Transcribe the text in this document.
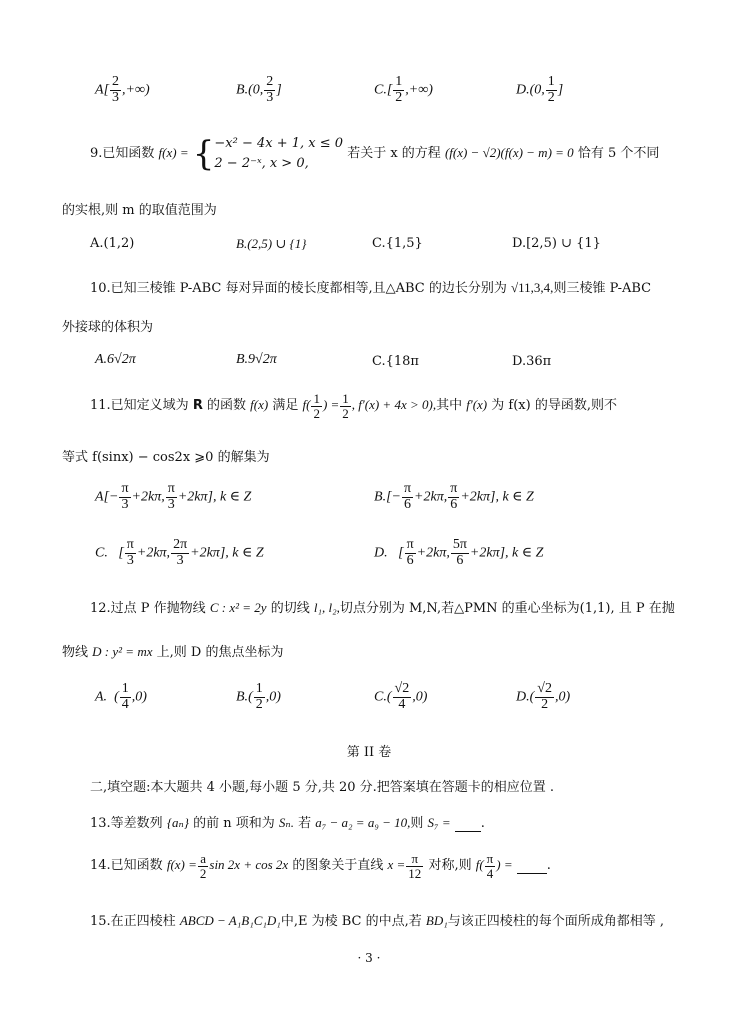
$A[ \frac{2}{3}$ ,+∞)	B.(0, $\frac{2}{3}$ ]	$C.[ \frac{1}{2}$ ,+∞)	D.(0, $\frac{1}{2}$ ]
9.已知函数 f(x) = { −x² − 4x + 1, x ≤ 0
2 − 2⁻ˣ, x > 0,
若关于 x 的方程 (f(x) − √2)(f(x) − m) = 0 恰有 5 个不同
的实根,则 m 的取值范围为
A.(1,2)	B.(2,5) ∪ {1}	C.{1,5}	D.[2,5) ∪ {1}
10.已知三棱锥 P-ABC 每对异面的棱长度都相等,且△ABC 的边长分别为 √11,3,4,则三棱锥 P-ABC
外接球的体积为
A.6√2π	B.9√2π	C.{18π	D.36π
11.已知定义域为 R 的函数 f(x) 满足 $f( \frac{1}{2}$ ) = $\frac{1}{2}$ , f′(x) + 4x > 0),其中 f′(x) 为 f(x) 的导函数,则不
等式 f(sinx) − cos2x ⩾0 的解集为
$A[- \frac{\pi}{3} +2k\pi$, $\frac{\pi}{3} +2k\pi$], k ∈ Z	$B.[- \frac{\pi}{6} +2k\pi$, $\frac{\pi}{6} +2k\pi$], k ∈ Z
C.   [ $\frac{\pi}{3} +2k\pi$, $\frac{2\pi}{3} +2k\pi$], k ∈ Z	D.   [ $\frac{\pi}{6} +2k\pi$, $\frac{5\pi}{6} +2k\pi$], k ∈ Z
12.过点 P 作抛物线 C : x² = 2y 的切线 l₁, l₂,切点分别为 M,N,若△PMN 的重心坐标为(1,1), 且 P 在抛
物线 D : y² = mx 上,则 D 的焦点坐标为
A.  ( $\frac{1}{4} ,0$)	$B.( \frac{1}{2} ,0)$	$C.( \frac{√2}{4} ,0)$	$D.( \frac{√2}{2} ,0)$
第 II 卷
二,填空题:本大题共 4 小题,每小题 5 分,共 20 分.把答案填在答题卡的相应位置 .
13.等差数列 {aₙ} 的前 n 项和为 Sₙ. 若 a₇ − a₂ = a₉ − 10,则 S₇ = .
14.已知函数 $f(x) = \frac{a}{2}$ sin 2x + cos 2x 的图象关于直线 $x = \frac{\pi}{12}$ 对称,则 $f( \frac{\pi}{4}$ ) =	.
15.在正四棱柱 ABCD − A₁B₁C₁D₁中,E 为棱 BC 的中点,若 BD₁与该正四棱柱的每个面所成角都相等 ,
· 3 ·
